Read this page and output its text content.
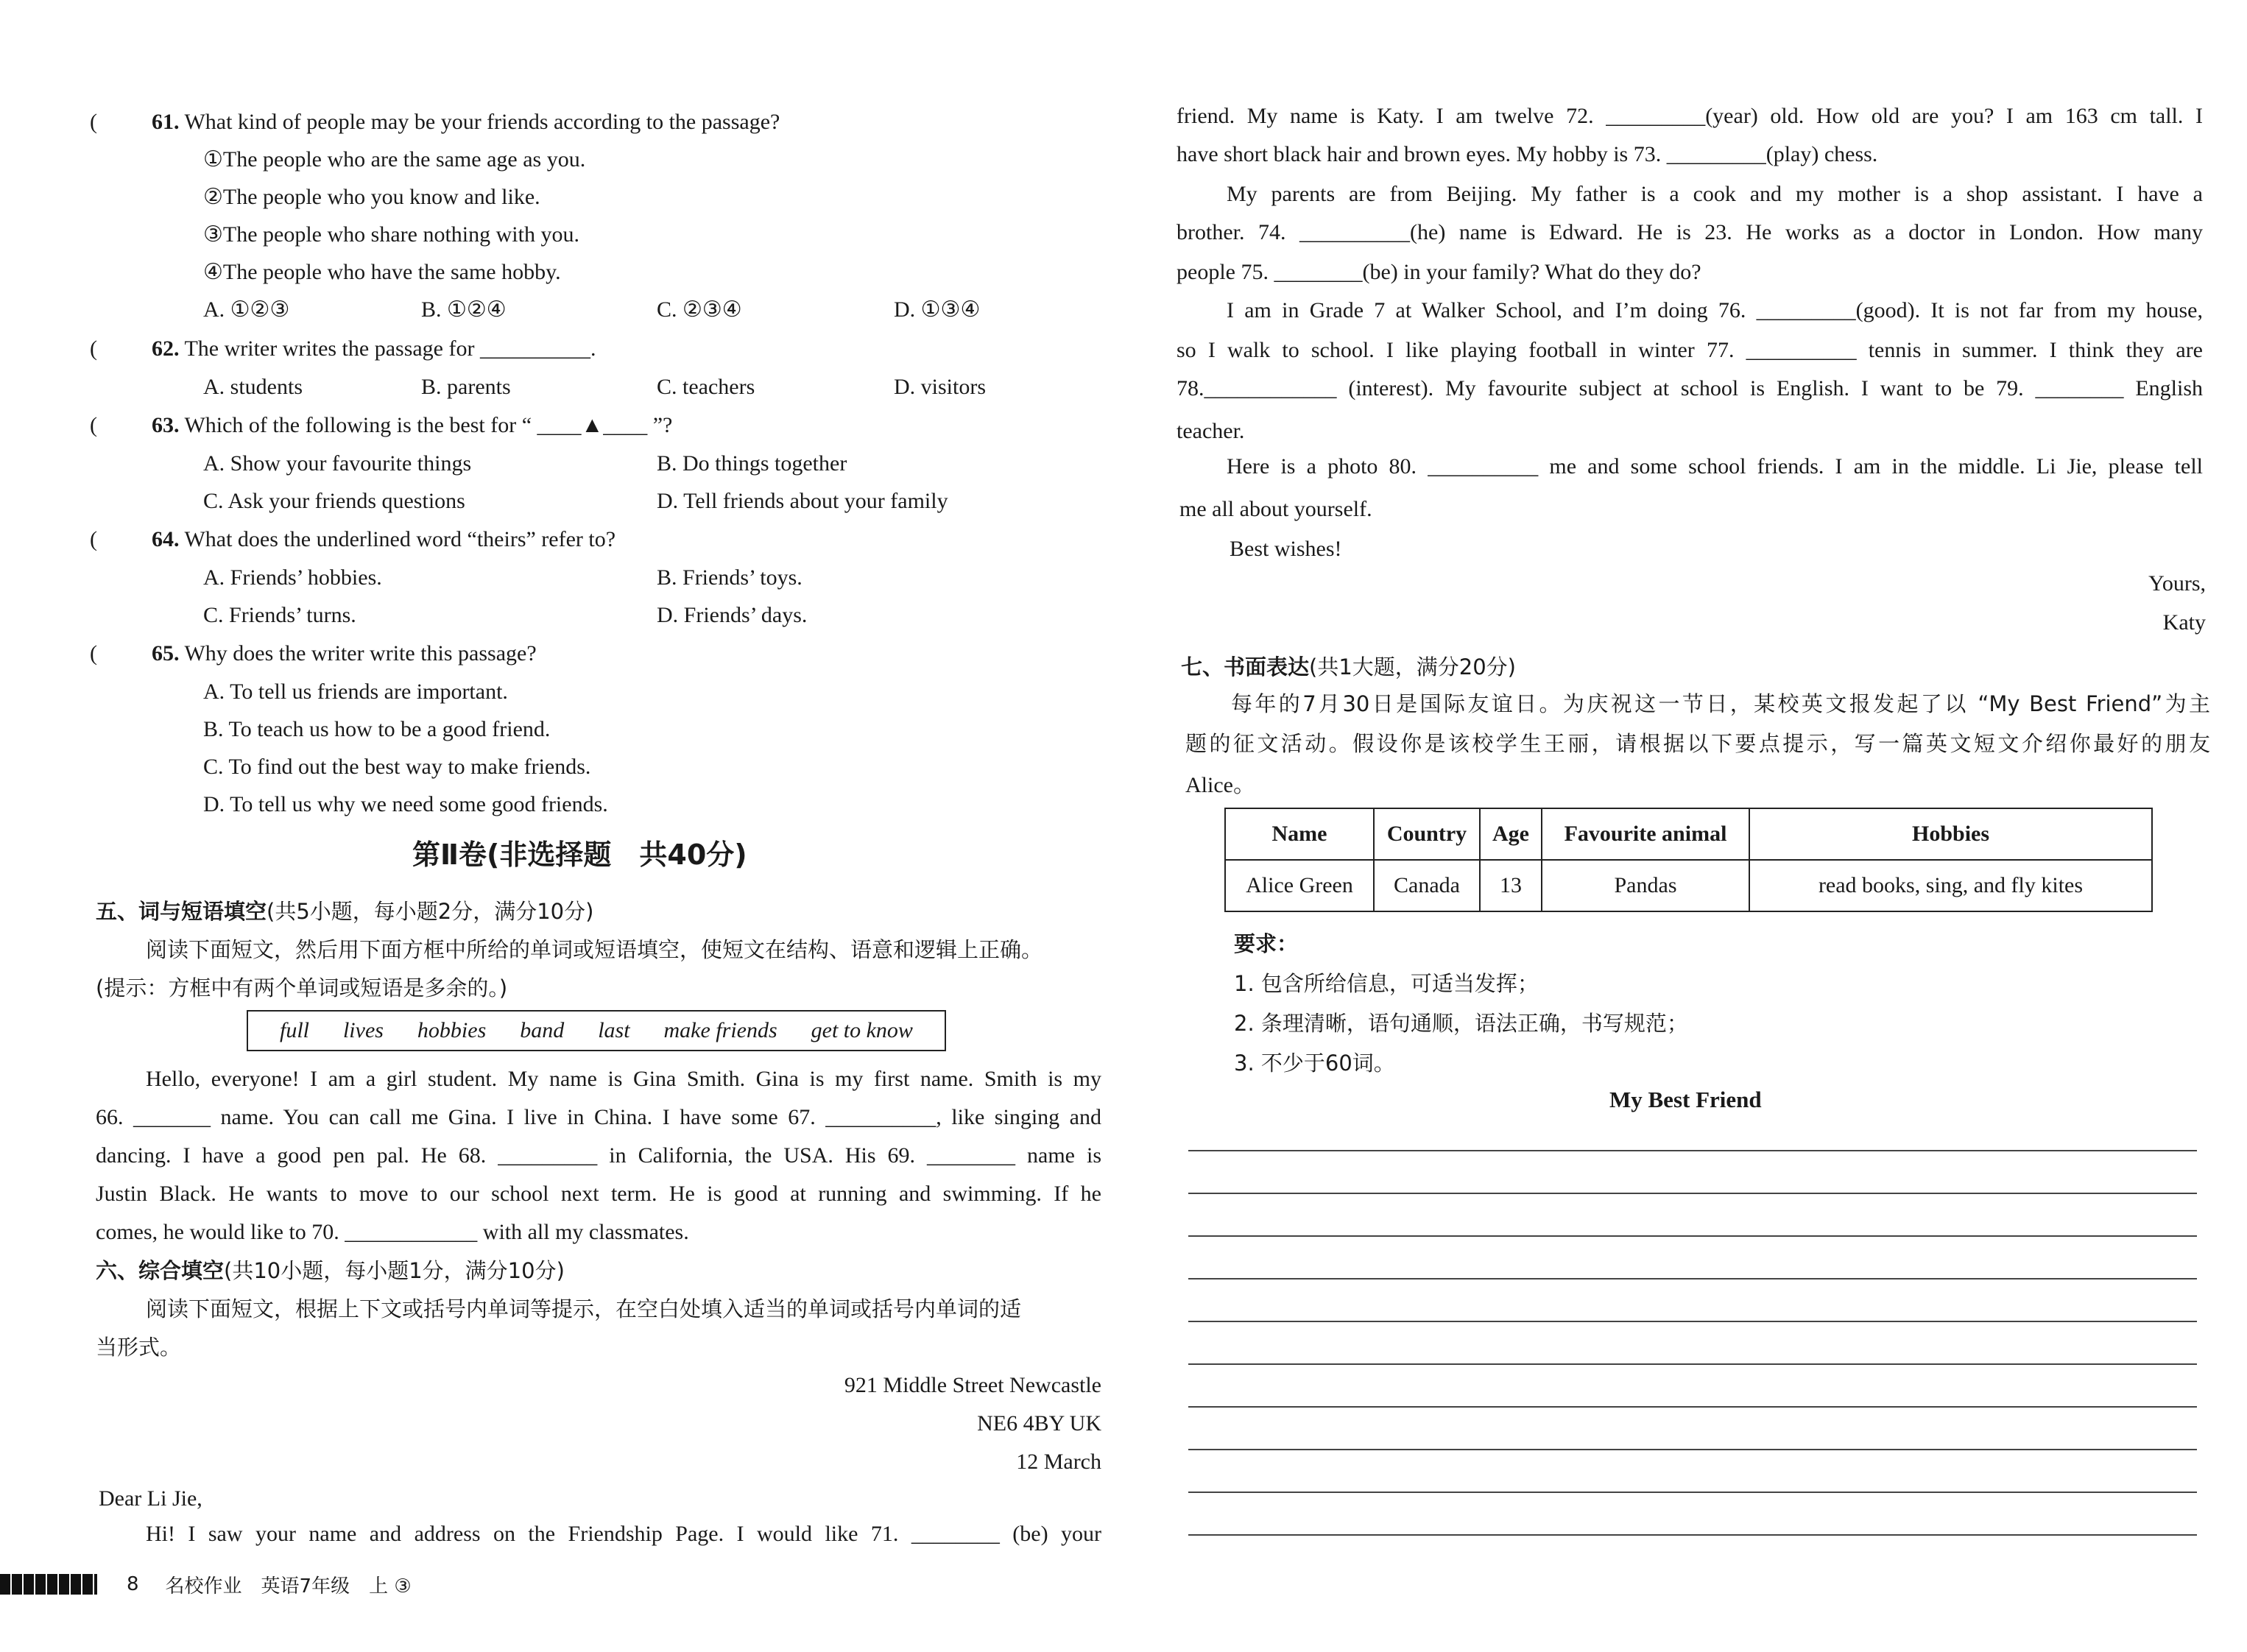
( 61. What kind of people may be your friends according to the passage?
①The people who are the same age as you.
②The people who you know and like.
③The people who share nothing with you.
④The people who have the same hobby.
A. ①②③	B. ①②④	C. ②③④	D. ①③④
( 62. The writer writes the passage for __________.
A. students	B. parents	C. teachers	D. visitors
( 63. Which of the following is the best for “ ____▲____ ”?
A. Show your favourite things	B. Do things together
C. Ask your friends questions	D. Tell friends about your family
( 64. What does the underlined word “theirs” refer to?
A. Friends’ hobbies.	B. Friends’ toys.
C. Friends’ turns.	D. Friends’ days.
( 65. Why does the writer write this passage?
A. To tell us friends are important.
B. To teach us how to be a good friend.
C. To find out the best way to make friends.
D. To tell us why we need some good friends.
第Ⅱ卷(非选择题　共40分)
五、词与短语填空(共5小题，每小题2分，满分10分)
阅读下面短文，然后用下面方框中所给的单词或短语填空，使短文在结构、语意和逻辑上正确。
(提示：方框中有两个单词或短语是多余的。)
full lives hobbies band last make friends get to know
Hello, everyone! I am a girl student. My name is Gina Smith. Gina is my first name. Smith is my
66. _______ name. You can call me Gina. I live in China. I have some 67. __________, like singing and
dancing. I have a good pen pal. He 68. _________ in California, the USA. His 69. ________ name is
Justin Black. He wants to move to our school next term. He is good at running and swimming. If he
comes, he would like to 70. ____________ with all my classmates.
六、综合填空(共10小题，每小题1分，满分10分)
阅读下面短文，根据上下文或括号内单词等提示，在空白处填入适当的单词或括号内单词的适
当形式。
921 Middle Street Newcastle
NE6 4BY UK
12 March
Dear Li Jie,
Hi! I saw your name and address on the Friendship Page. I would like 71. ________ (be) your
8 名校作业　英语7年级　上 ③
friend. My name is Katy. I am twelve 72. _________(year) old. How old are you? I am 163 cm tall. I
have short black hair and brown eyes. My hobby is 73. _________(play) chess.
My parents are from Beijing. My father is a cook and my mother is a shop assistant. I have a
brother. 74. __________(he) name is Edward. He is 23. He works as a doctor in London. How many
people 75. ________(be) in your family? What do they do?
I am in Grade 7 at Walker School, and I’m doing 76. _________(good). It is not far from my house,
so I walk to school. I like playing football in winter 77. __________ tennis in summer. I think they are
78.____________ (interest). My favourite subject at school is English. I want to be 79. ________ English
teacher.
Here is a photo 80. __________ me and some school friends. I am in the middle. Li Jie, please tell
me all about yourself.
Best wishes!
Yours,
Katy
七、书面表达(共1大题，满分20分)
每年的7月30日是国际友谊日。为庆祝这一节日，某校英文报发起了以 “My Best Friend”为主
题的征文活动。假设你是该校学生王丽，请根据以下要点提示，写一篇英文短文介绍你最好的朋友
Alice。
Name	Country	Age	Favourite animal	Hobbies
Alice Green	Canada	13	Pandas	read books, sing, and fly kites
要求：
1. 包含所给信息，可适当发挥；
2. 条理清晰，语句通顺，语法正确，书写规范；
3. 不少于60词。
My Best Friend
